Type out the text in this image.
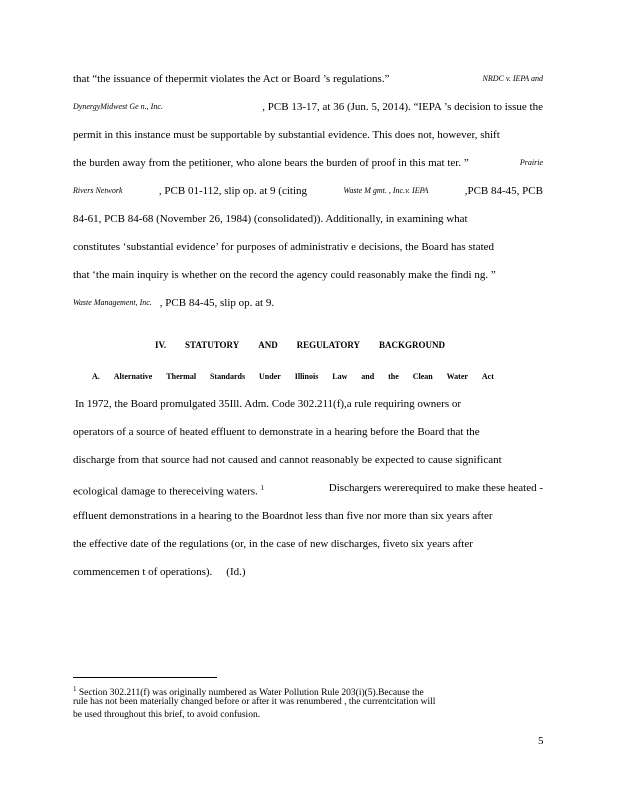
that “the issuance of thepermit violates the Act or Board ’s regulations.”	NRDC v. IEPA and
DynergyMidwest Ge n., Inc.	, PCB 13-17, at 36 (Jun. 5, 2014). “IEPA ’s decision to issue the
permit in this instance must be supportable by substantial evidence. This does not, however, shift
the burden away from the petitioner, who alone bears the burden of proof in this mat ter. ”	Prairie
Rivers Network	, PCB 01-112, slip op. at 9 (citing	Waste M gmt. , Inc.v. IEPA	,PCB 84-45, PCB
84-61, PCB 84-68 (November 26, 1984) (consolidated)). Additionally, in examining what
constitutes ‘substantial evidence’ for purposes of administrativ e decisions, the Board has stated
that ‘the main inquiry is whether on the record the agency could reasonably make the findi ng. ”
Waste Management, Inc. , PCB 84-45, slip op. at 9.
IV. STATUTORY AND REGULATORY BACKGROUND
A. Alternative Thermal Standards Under Illinois Law and the Clean Water Act
In 1972, the Board promulgated 35Ill. Adm. Code 302.211(f),a rule requiring owners or
operators of a source of heated effluent to demonstrate in a hearing before the Board that the
discharge from that source had not caused and cannot reasonably be expected to cause significant
ecological damage to thereceiving waters. $^1$	Dischargers wererequired to make these heated -
effluent demonstrations in a hearing to the Boardnot less than five nor more than six years after
the effective date of the regulations (or, in the case of new discharges, fiveto six years after
commencemen t of operations). (Id.)
$^1$ Section 302.211(f) was originally numbered as Water Pollution Rule 203(i)(5).Because the
rule has not been materially changed before or after it was renumbered , the currentcitation will
be used throughout this brief, to avoid confusion.
5
